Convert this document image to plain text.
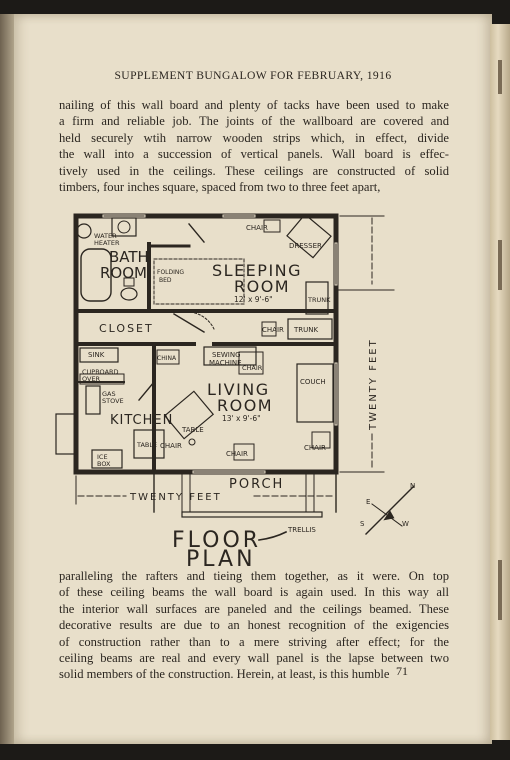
SUPPLEMENT BUNGALOW FOR FEBRUARY, 1916
nailing of this wall board and plenty of tacks have been used to make
a firm and reliable job. The joints of the wallboard are covered and
held securely wtih narrow wooden strips which, in effect, divide
the wall into a succession of vertical panels. Wall board is effec-
tively used in the ceilings. These ceilings are constructed of solid
timbers, four inches square, spaced from two to three feet apart,
WATER
HEATER
BATH
ROOM FOLDING
BED
SLEEPING
ROOM
12' x 9'-6"
CLOSET
LIVING
ROOM
13' x 9'-6"
KITCHEN
PORCH
CHAIR
DRESSER
TRUNK
CHAIR TRUNK
SINK	CHINA
CUPBOARD
OVER
GAS
STOVE
SEWING
MACHINE
CHAIR
COUCH
TABLE
CHAIR
CHAIR
CHAIR
TABLE
ICE
BOX
TRELLIS
TWENTY FEET
TWENTY FEET
N
E
S	W
FLOOR
PLAN
paralleling the rafters and tieing them together, as it were. On top
of these ceiling beams the wall board is again used. In this way all
the interior wall surfaces are paneled and the ceilings beamed. These
decorative results are due to an honest recognition of the exigencies
of construction rather than to a mere striving after effect; for the
ceiling beams are real and every wall panel is the lapse between two
solid members of the construction. Herein, at least, is this humble 71
